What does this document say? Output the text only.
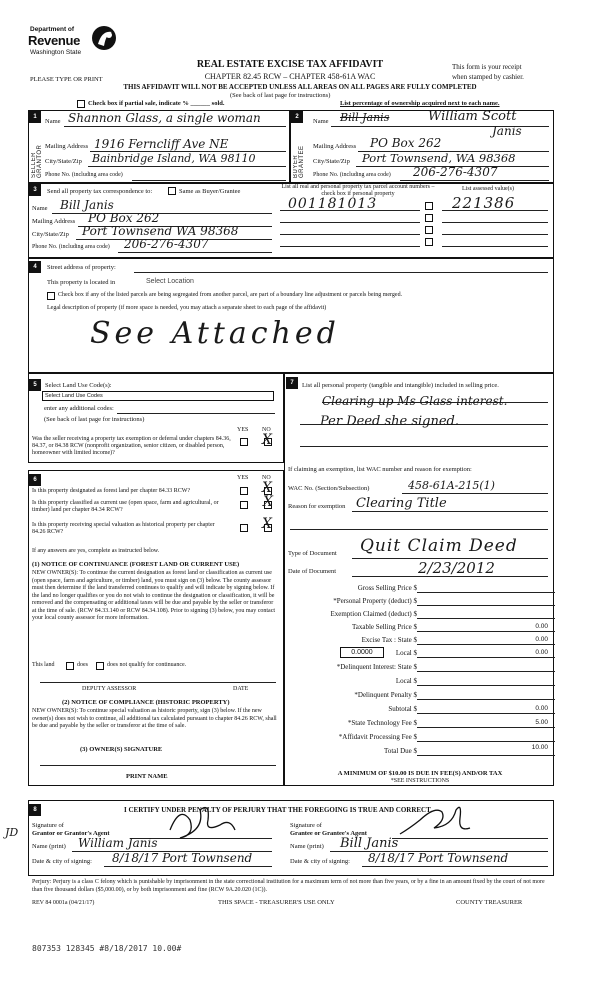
Department of
Revenue
Washington State
PLEASE TYPE OR PRINT
REAL ESTATE EXCISE TAX AFFIDAVIT
CHAPTER 82.45 RCW – CHAPTER 458-61A WAC
THIS AFFIDAVIT WILL NOT BE ACCEPTED UNLESS ALL AREAS ON ALL PAGES ARE FULLY COMPLETED
(See back of last page for instructions)
This form is your receipt
when stamped by cashier.
Check box if partial sale, indicate % ______ sold.	List percentage of ownership acquired next to each name.
1	2
SELLER GRANTOR	BUYER GRANTEE
Name Shannon Glass, a single woman
Mailing Address 1916 Ferncliff Ave NE
City/State/Zip Bainbridge Island, WA 98110
Phone No. (including area code)
Name Bill Janis	William Scott
Janis
Mailing Address PO Box 262
City/State/Zip Port Townsend, WA 98368
Phone No. (including area code) 206-276-4307
3	Send all property tax correspondence to:	Same as Buyer/Grantee
Name Bill Janis
Mailing Address PO Box 262
City/State/Zip Port Townsend WA 98368
Phone No. (including area code) 206-276-4307
List all real and personal property tax parcel account numbers – check box if personal property
List assessed value(s)
001181013	221386
4	Street address of property:
This property is located in	Select Location
Check box if any of the listed parcels are being segregated from another parcel, are part of a boundary line adjustment or parcels being merged.
Legal description of property (if more space is needed, you may attach a separate sheet to each page of the affidavit)
See Attached
5	Select Land Use Code(s):
Select Land Use Codes
enter any additional codes:
(See back of last page for instructions)
YES NO
Was the seller receiving a property tax exemption or deferral under chapters 84.36, 84.37, or 84.38 RCW (nonprofit organization, senior citizen, or disabled person, homeowner with limited income)?
X
6	YES NO
Is this property designated as forest land per chapter 84.33 RCW?	X
Is this property classified as current use (open space, farm and agricultural, or timber) land per chapter 84.34 RCW?	X
Is this property receiving special valuation as historical property per chapter 84.26 RCW?	X
If any answers are yes, complete as instructed below.
(1) NOTICE OF CONTINUANCE (FOREST LAND OR CURRENT USE)
NEW OWNER(S): To continue the current designation as forest land or classification as current use (open space, farm and agriculture, or timber) land, you must sign on (3) below. The county assessor must then determine if the land transferred continues to qualify and will indicate by signing below. If the land no longer qualifies or you do not wish to continue the designation or classification, it will be removed and the compensating or additional taxes will be due and payable by the seller or transferor at the time of sale. (RCW 84.33.140 or RCW 84.34.108). Prior to signing (3) below, you may contact your local county assessor for more information.
This land	does	does not qualify for continuance.
DEPUTY ASSESSOR	DATE
(2) NOTICE OF COMPLIANCE (HISTORIC PROPERTY)
NEW OWNER(S): To continue special valuation as historic property, sign (3) below. If the new owner(s) does not wish to continue, all additional tax calculated pursuant to chapter 84.26 RCW, shall be due and payable by the seller or transferor at the time of sale.
(3) OWNER(S) SIGNATURE
PRINT NAME
7	List all personal property (tangible and intangible) included in selling price.
Clearing up Ms Glass interest.
Per Deed she signed.
If claiming an exemption, list WAC number and reason for exemption:
WAC No. (Section/Subsection)	458-61A-215(1)
Reason for exemption Clearing Title
Type of Document Quit Claim Deed
Date of Document	2/23/2012
Gross Selling Price $
*Personal Property (deduct) $
Exemption Claimed (deduct) $
Taxable Selling Price $	0.00
Excise Tax : State $	0.00
0.0000	Local $	0.00
*Delinquent Interest: State $
Local $
*Delinquent Penalty $
Subtotal $	0.00
*State Technology Fee $	5.00
*Affidavit Processing Fee $
Total Due $	10.00
A MINIMUM OF $10.00 IS DUE IN FEE(S) AND/OR TAX
*SEE INSTRUCTIONS
8	I CERTIFY UNDER PENALTY OF PERJURY THAT THE FOREGOING IS TRUE AND CORRECT.
JD
Signature of
Grantor or Grantor's Agent
Name (print) William Janis
Date & city of signing: 8/18/17 Port Townsend
Signature of
Grantee or Grantee's Agent
Name (print) Bill Janis
Date & city of signing: 8/18/17 Port Townsend
Perjury: Perjury is a class C felony which is punishable by imprisonment in the state correctional institution for a maximum term of not more than five years, or by a fine in an amount fixed by the court of not more than five thousand dollars ($5,000.00), or by both imprisonment and fine (RCW 9A.20.020 (1C)).
REV 84 0001a (04/21/17)	THIS SPACE - TREASURER'S USE ONLY	COUNTY TREASURER
807353 128345 #8/18/2017 10.00#
